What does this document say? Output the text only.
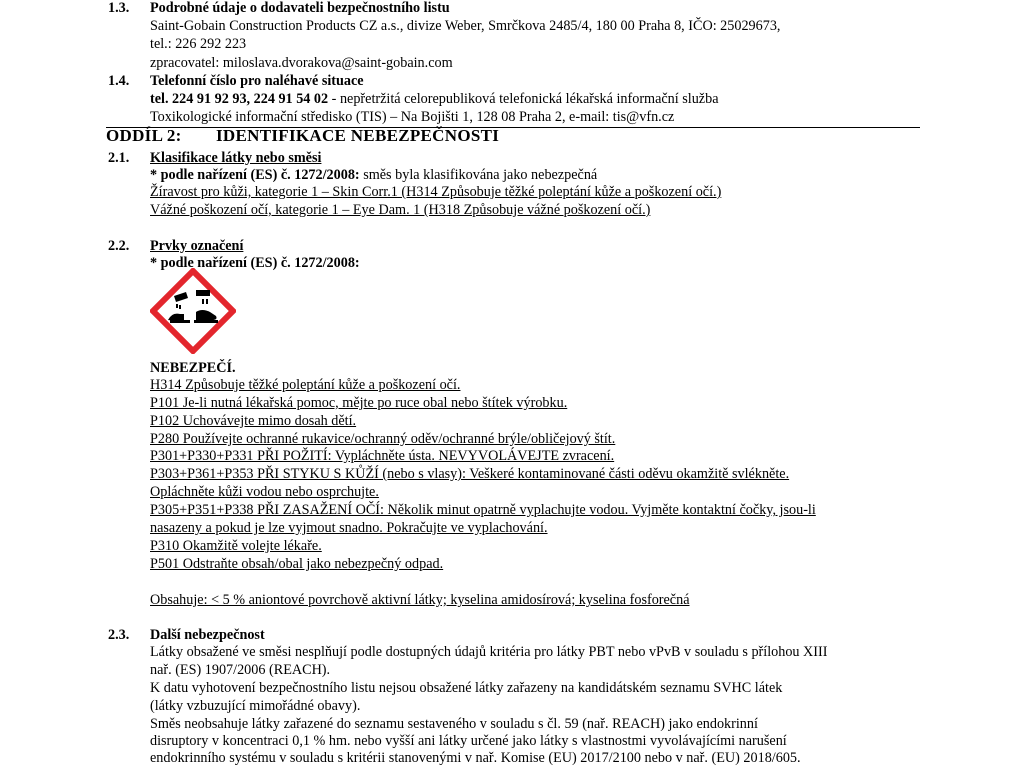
1.3. Podrobné údaje o dodavateli bezpečnostního listu
Saint-Gobain Construction Products CZ a.s., divize Weber, Smrčkova 2485/4, 180 00 Praha 8, IČO: 25029673,
tel.: 226 292 223
zpracovatel: miloslava.dvorakova@saint-gobain.com
1.4. Telefonní číslo pro naléhavé situace
tel. 224 91 92 93, 224 91 54 02 - nepřetržitá celorepubliková telefonická lékařská informační služba
Toxikologické informační středisko (TIS) – Na Bojišti 1, 128 08 Praha 2, e-mail: tis@vfn.cz
ODDÍL 2: IDENTIFIKACE NEBEZPEČNOSTI
2.1. Klasifikace látky nebo směsi
* podle nařízení (ES) č. 1272/2008: směs byla klasifikována jako nebezpečná
Žíravost pro kůži, kategorie 1 – Skin Corr.1 (H314 Způsobuje těžké poleptání kůže a poškození očí.)
Vážné poškození očí, kategorie 1 – Eye Dam. 1 (H318 Způsobuje vážné poškození očí.)
2.2. Prvky označení
* podle nařízení (ES) č. 1272/2008:
NEBEZPEČÍ.
H314 Způsobuje těžké poleptání kůže a poškození očí.
P101 Je-li nutná lékařská pomoc, mějte po ruce obal nebo štítek výrobku.
P102 Uchovávejte mimo dosah dětí.
P280 Používejte ochranné rukavice/ochranný oděv/ochranné brýle/obličejový štít.
P301+P330+P331 PŘI POŽITÍ: Vypláchněte ústa. NEVYVOLÁVEJTE zvracení.
P303+P361+P353 PŘI STYKU S KŮŽÍ (nebo s vlasy): Veškeré kontaminované části oděvu okamžitě svlékněte.
Opláchněte kůži vodou nebo osprchujte.
P305+P351+P338 PŘI ZASAŽENÍ OČÍ: Několik minut opatrně vyplachujte vodou. Vyjměte kontaktní čočky, jsou-li
nasazeny a pokud je lze vyjmout snadno. Pokračujte ve vyplachování.
P310 Okamžitě volejte lékaře.
P501 Odstraňte obsah/obal jako nebezpečný odpad.
Obsahuje: < 5 % aniontové povrchově aktivní látky; kyselina amidosírová; kyselina fosforečná
2.3. Další nebezpečnost
Látky obsažené ve směsi nesplňují podle dostupných údajů kritéria pro látky PBT nebo vPvB v souladu s přílohou XIII
nař. (ES) 1907/2006 (REACH).
K datu vyhotovení bezpečnostního listu nejsou obsažené látky zařazeny na kandidátském seznamu SVHC látek
(látky vzbuzující mimořádné obavy).
Směs neobsahuje látky zařazené do seznamu sestaveného v souladu s čl. 59 (nař. REACH) jako endokrinní
disruptory v koncentraci 0,1 % hm. nebo vyšší ani látky určené jako látky s vlastnostmi vyvolávajícími narušení
endokrinního systému v souladu s kritérii stanovenými v nař. Komise (EU) 2017/2100 nebo v nař. (EU) 2018/605.
